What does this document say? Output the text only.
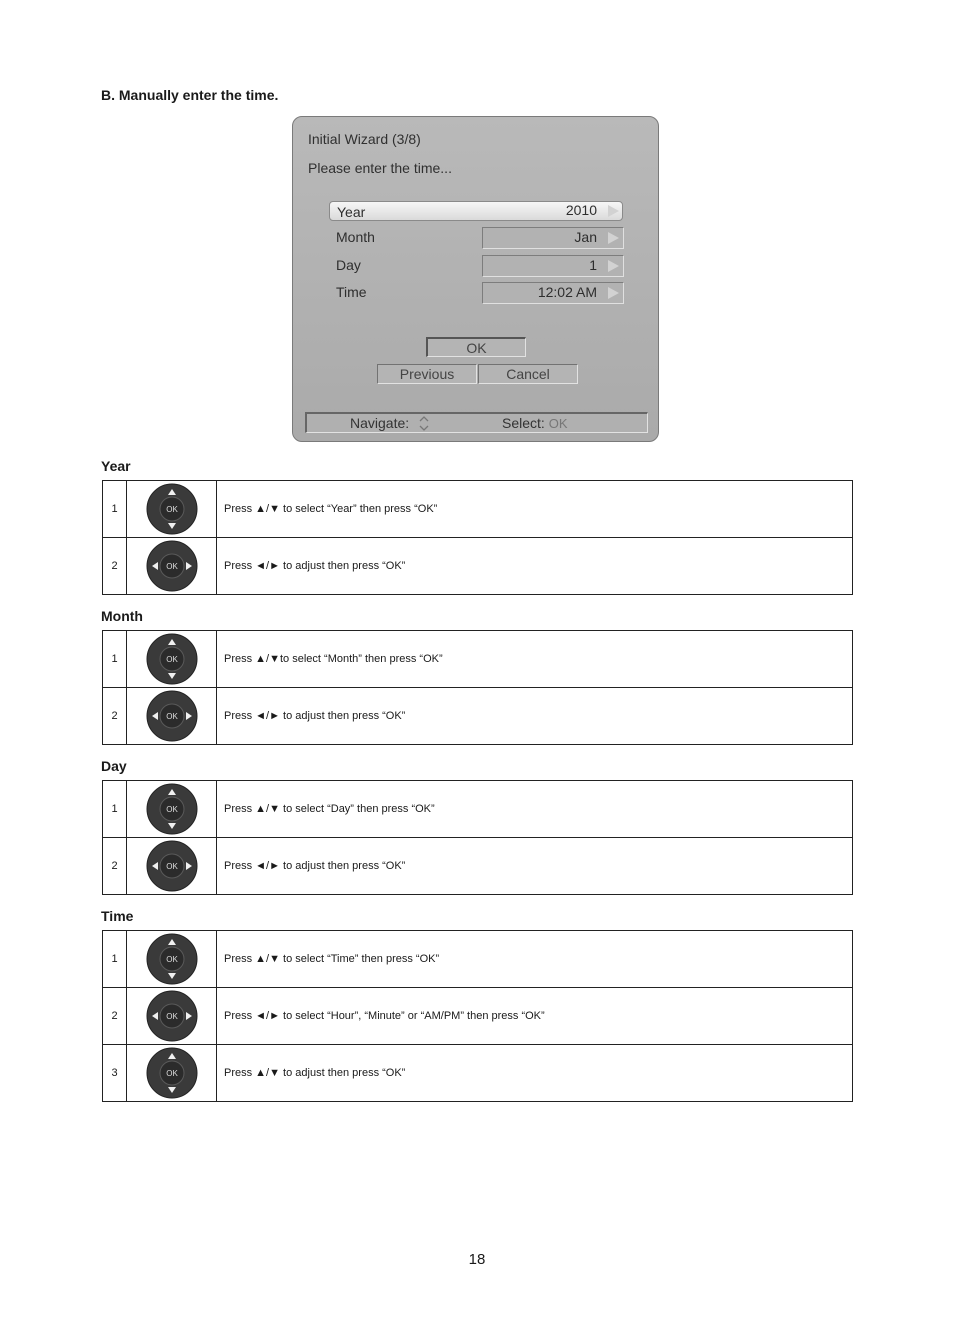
B. Manually enter the time.
Initial Wizard (3/8)
Please enter the time...
Year	2010
Month	Jan
Day	1
Time	12:02 AM
OK
Previous	Cancel
Navigate:	Select: OK
Year
1	OK	Press ▲/▼ to select “Year” then press “OK”
2	OK	Press ◄/► to adjust then press “OK”
Month
1	OK	Press ▲/▼to select “Month” then press “OK”
2	OK	Press ◄/► to adjust then press “OK”
Day
1	OK	Press ▲/▼ to select “Day” then press “OK”
2	OK	Press ◄/► to adjust then press “OK”
Time
1	OK	Press ▲/▼ to select “Time” then press “OK”
2	OK	Press ◄/► to select “Hour”, “Minute” or “AM/PM” then press “OK”
3	OK	Press ▲/▼ to adjust then press “OK”
18
